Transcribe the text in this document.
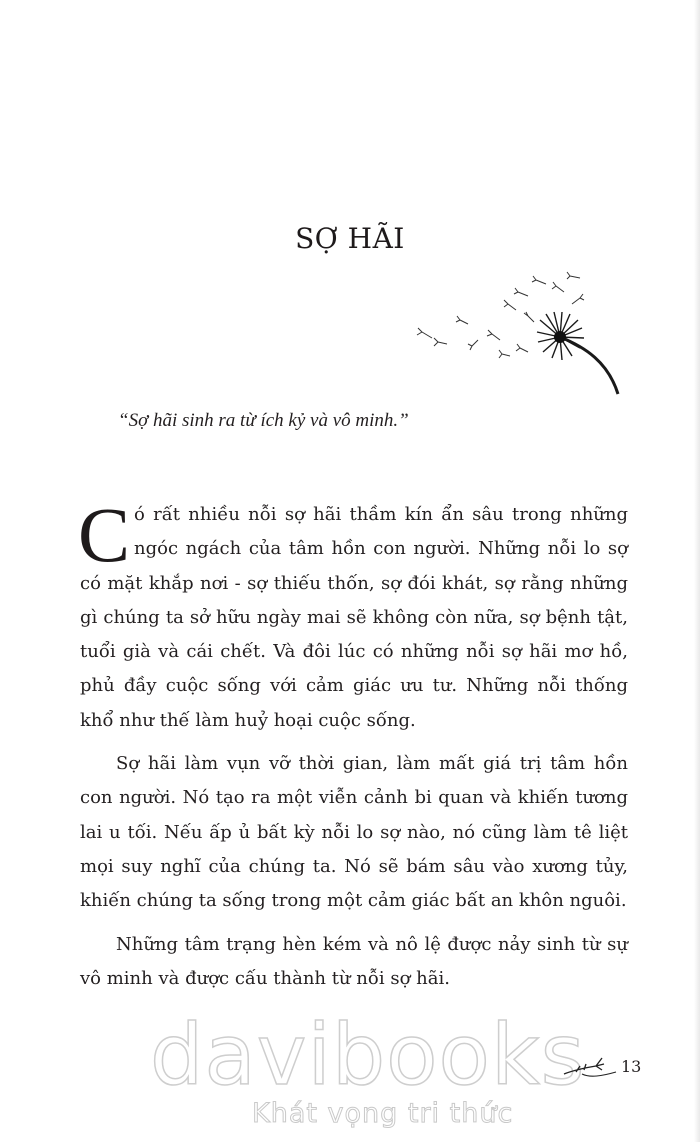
SỢ HÃI
“Sợ hãi sinh ra từ ích kỷ và vô minh.”

Có rất nhiều nỗi sợ hãi thầm kín ẩn sâu trong những ngóc ngách của tâm hồn con người. Những nỗi lo sợ có mặt khắp nơi - sợ thiếu thốn, sợ đói khát, sợ rằng những gì chúng ta sở hữu ngày mai sẽ không còn nữa, sợ bệnh tật, tuổi già và cái chết. Và đôi lúc có những nỗi sợ hãi mơ hồ, phủ đầy cuộc sống với cảm giác ưu tư. Những nỗi thống khổ như thế làm huỷ hoại cuộc sống.

Sợ hãi làm vụn vỡ thời gian, làm mất giá trị tâm hồn con người. Nó tạo ra một viễn cảnh bi quan và khiến tương lai u tối. Nếu ấp ủ bất kỳ nỗi lo sợ nào, nó cũng làm tê liệt mọi suy nghĩ của chúng ta. Nó sẽ bám sâu vào xương tủy, khiến chúng ta sống trong một cảm giác bất an khôn nguôi.

Những tâm trạng hèn kém và nô lệ được nảy sinh từ sự vô minh và được cấu thành từ nỗi sợ hãi.

davibooks
Khát vọng tri thức
13
